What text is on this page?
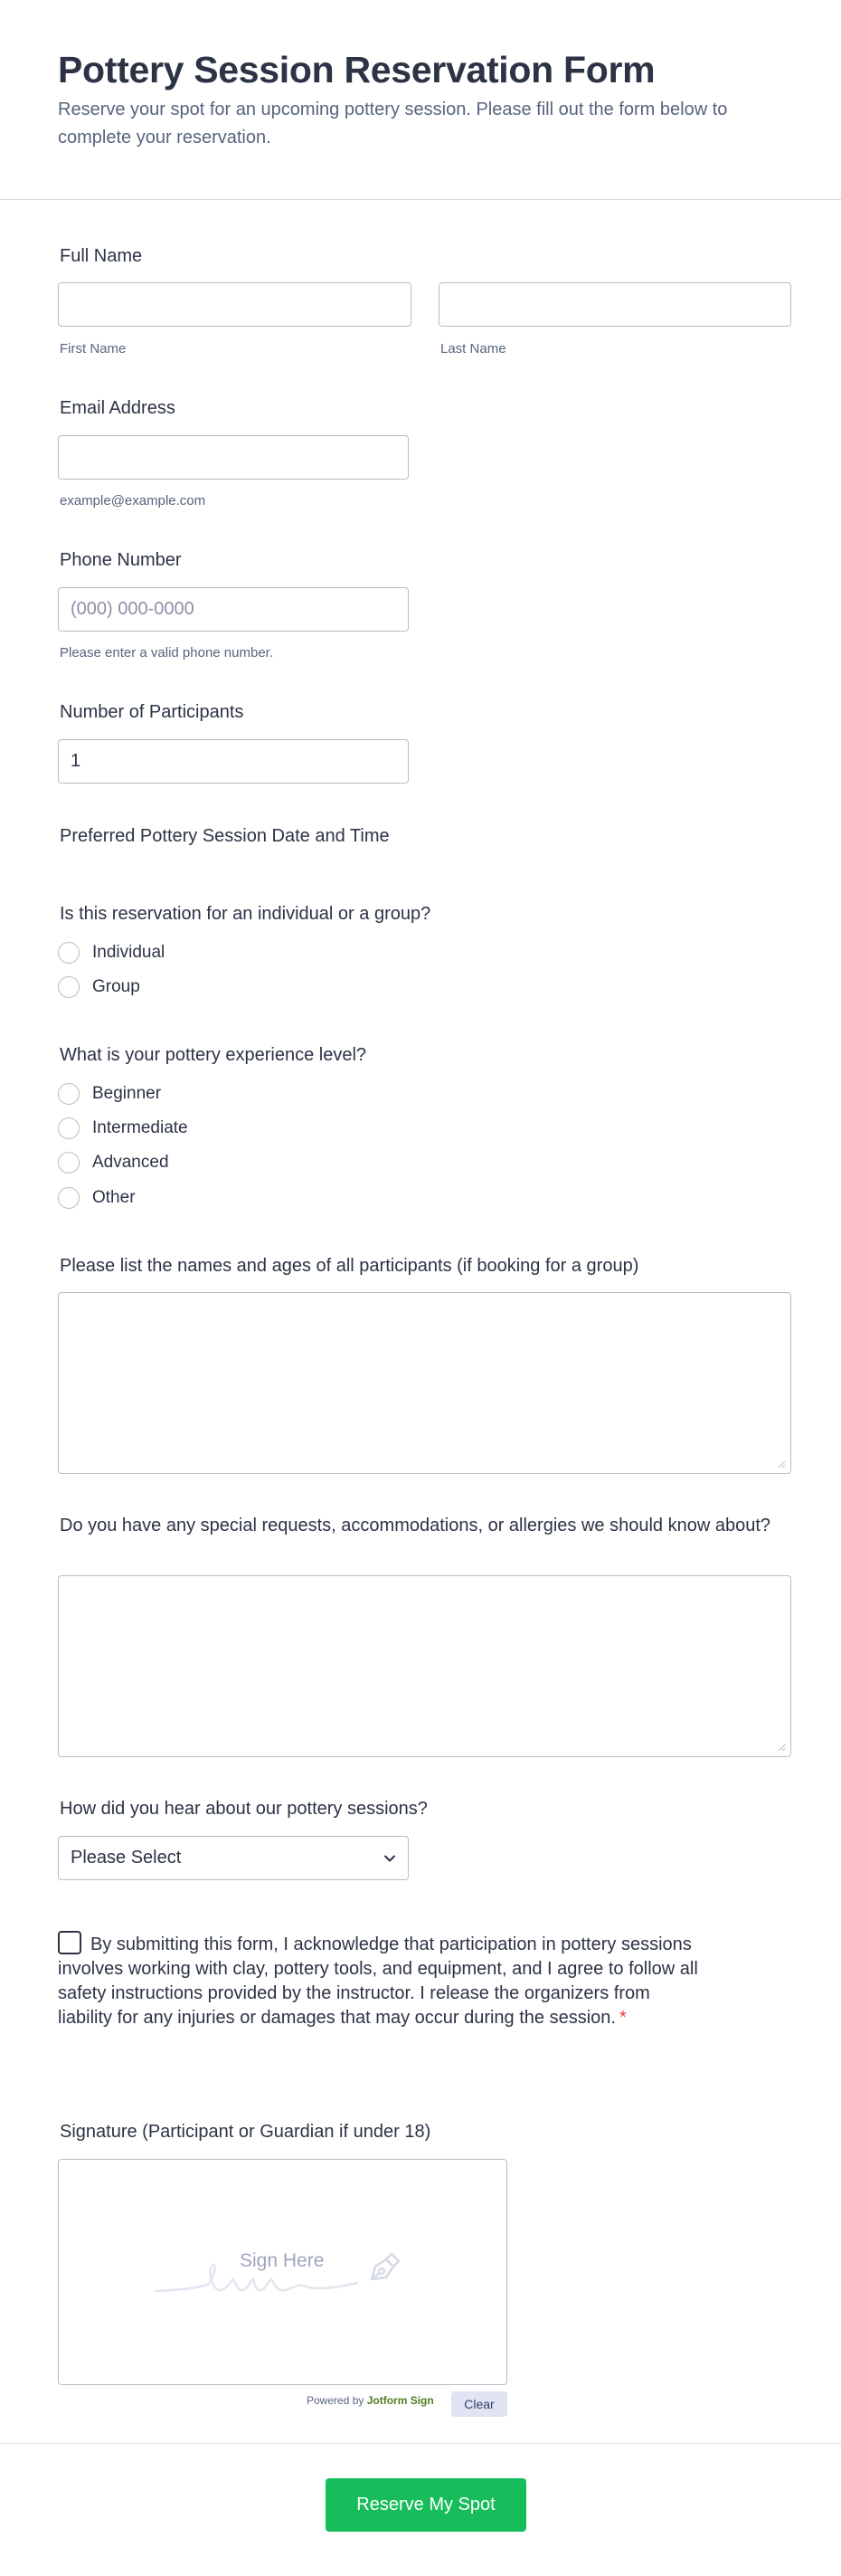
Pottery Session Reservation Form

Reserve your spot for an upcoming pottery session. Please fill out the form below to complete your reservation.

Full Name
First Name	Last Name
Email Address
example@example.com
Phone Number
(000) 000-0000
Please enter a valid phone number.
Number of Participants
1
Preferred Pottery Session Date and Time
Is this reservation for an individual or a group?
Individual
Group
What is your pottery experience level?
Beginner
Intermediate
Advanced
Other
Please list the names and ages of all participants (if booking for a group)
Do you have any special requests, accommodations, or allergies we should know about?
How did you hear about our pottery sessions?
Please Select
By submitting this form, I acknowledge that participation in pottery sessions involves working with clay, pottery tools, and equipment, and I agree to follow all safety instructions provided by the instructor. I release the organizers from liability for any injuries or damages that may occur during the session. *
Signature (Participant or Guardian if under 18)
Sign Here
Powered by Jotform Sign	Clear
Reserve My Spot
